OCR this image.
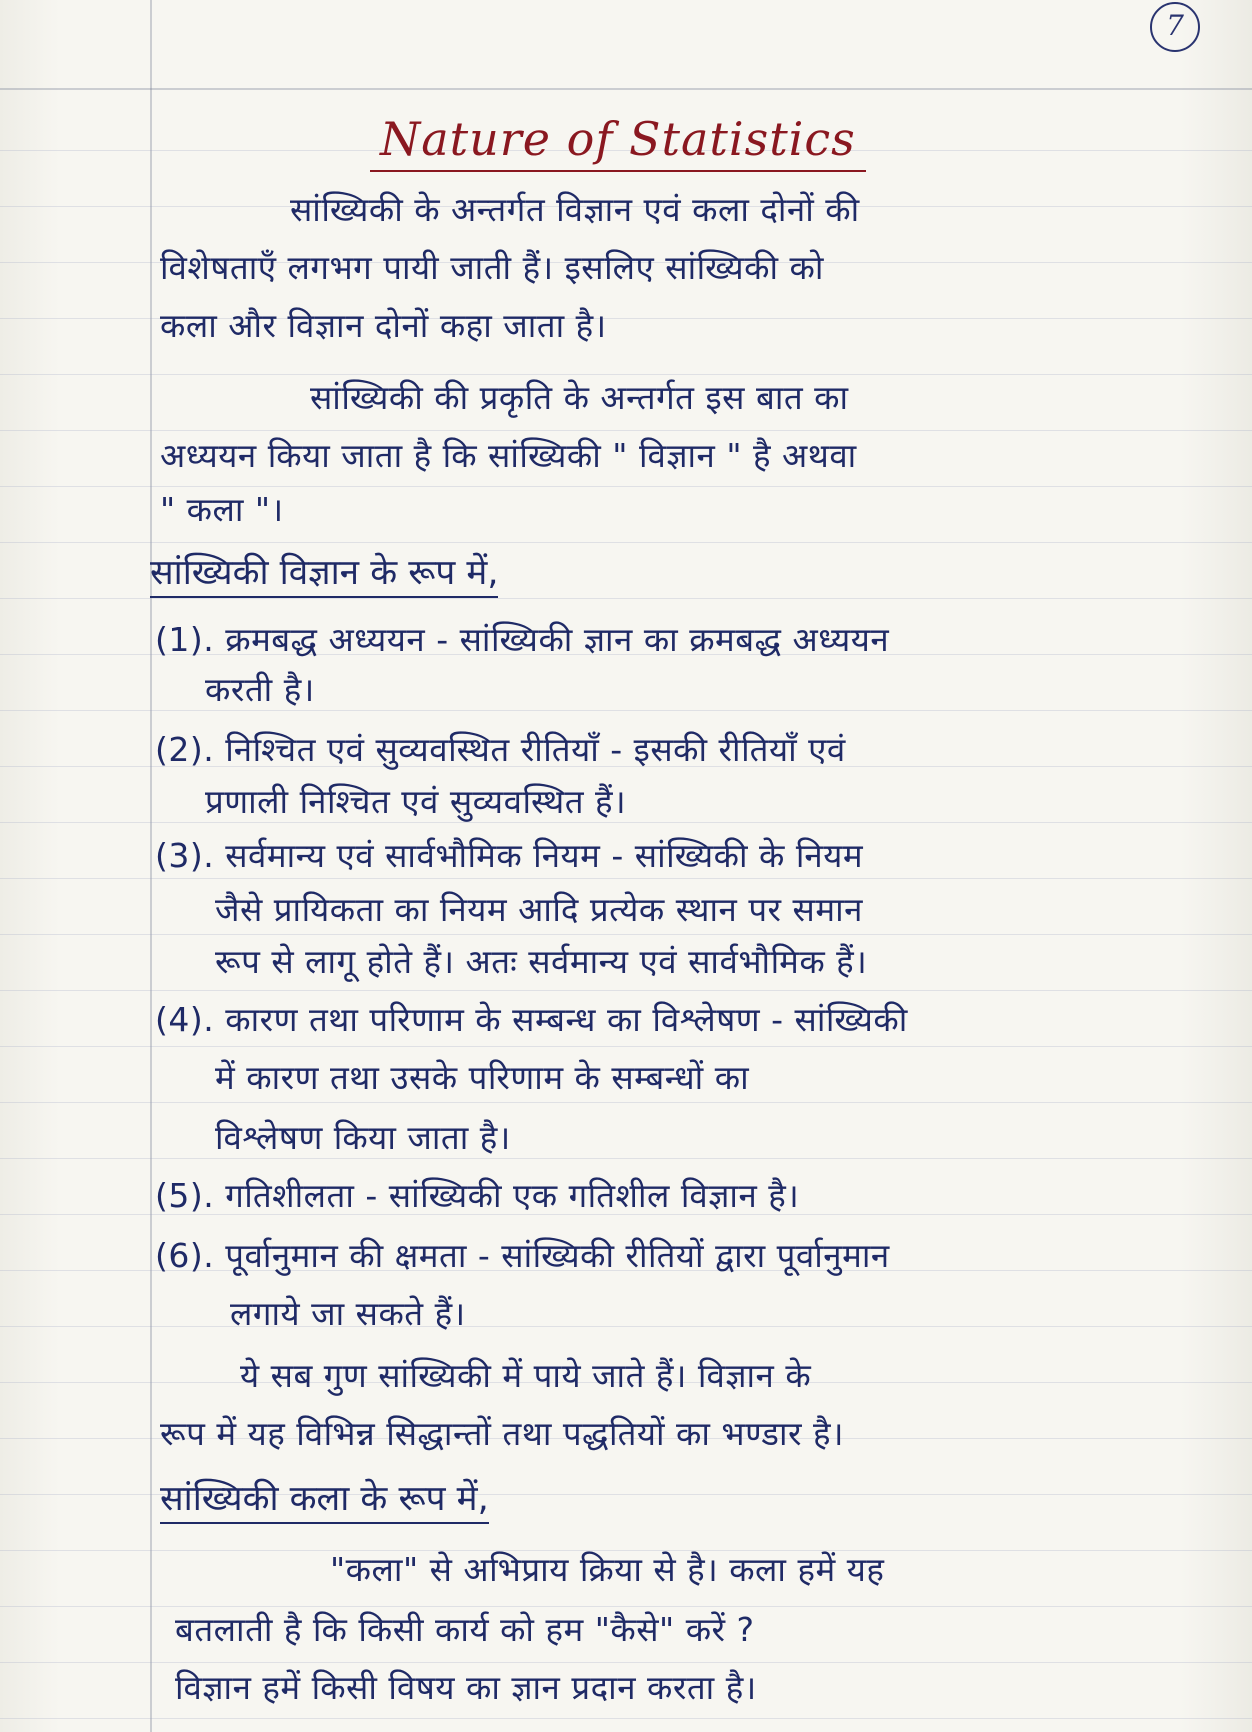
7
Nature of Statistics
सांख्यिकी के अन्तर्गत विज्ञान एवं कला दोनों की
विशेषताएँ लगभग पायी जाती हैं। इसलिए सांख्यिकी को
कला और विज्ञान दोनों कहा जाता है।
सांख्यिकी की प्रकृति के अन्तर्गत इस बात का
अध्ययन किया जाता है कि सांख्यिकी " विज्ञान " है अथवा
" कला "।
सांख्यिकी विज्ञान के रूप में,
(1). क्रमबद्ध अध्ययन - सांख्यिकी ज्ञान का क्रमबद्ध अध्ययन
करती है।
(2). निश्चित एवं सुव्यवस्थित रीतियाँ - इसकी रीतियाँ एवं
प्रणाली निश्चित एवं सुव्यवस्थित हैं।
(3). सर्वमान्य एवं सार्वभौमिक नियम - सांख्यिकी के नियम
जैसे प्रायिकता का नियम आदि प्रत्येक स्थान पर समान
रूप से लागू होते हैं। अतः सर्वमान्य एवं सार्वभौमिक हैं।
(4). कारण तथा परिणाम के सम्बन्ध का विश्लेषण - सांख्यिकी
में कारण तथा उसके परिणाम के सम्बन्धों का
विश्लेषण किया जाता है।
(5). गतिशीलता - सांख्यिकी एक गतिशील विज्ञान है।
(6). पूर्वानुमान की क्षमता - सांख्यिकी रीतियों द्वारा पूर्वानुमान
लगाये जा सकते हैं।
ये सब गुण सांख्यिकी में पाये जाते हैं। विज्ञान के
रूप में यह विभिन्न सिद्धान्तों तथा पद्धतियों का भण्डार है।
सांख्यिकी कला के रूप में,
"कला" से अभिप्राय क्रिया से है। कला हमें यह
बतलाती है कि किसी कार्य को हम "कैसे" करें ?
विज्ञान हमें किसी विषय का ज्ञान प्रदान करता है।
